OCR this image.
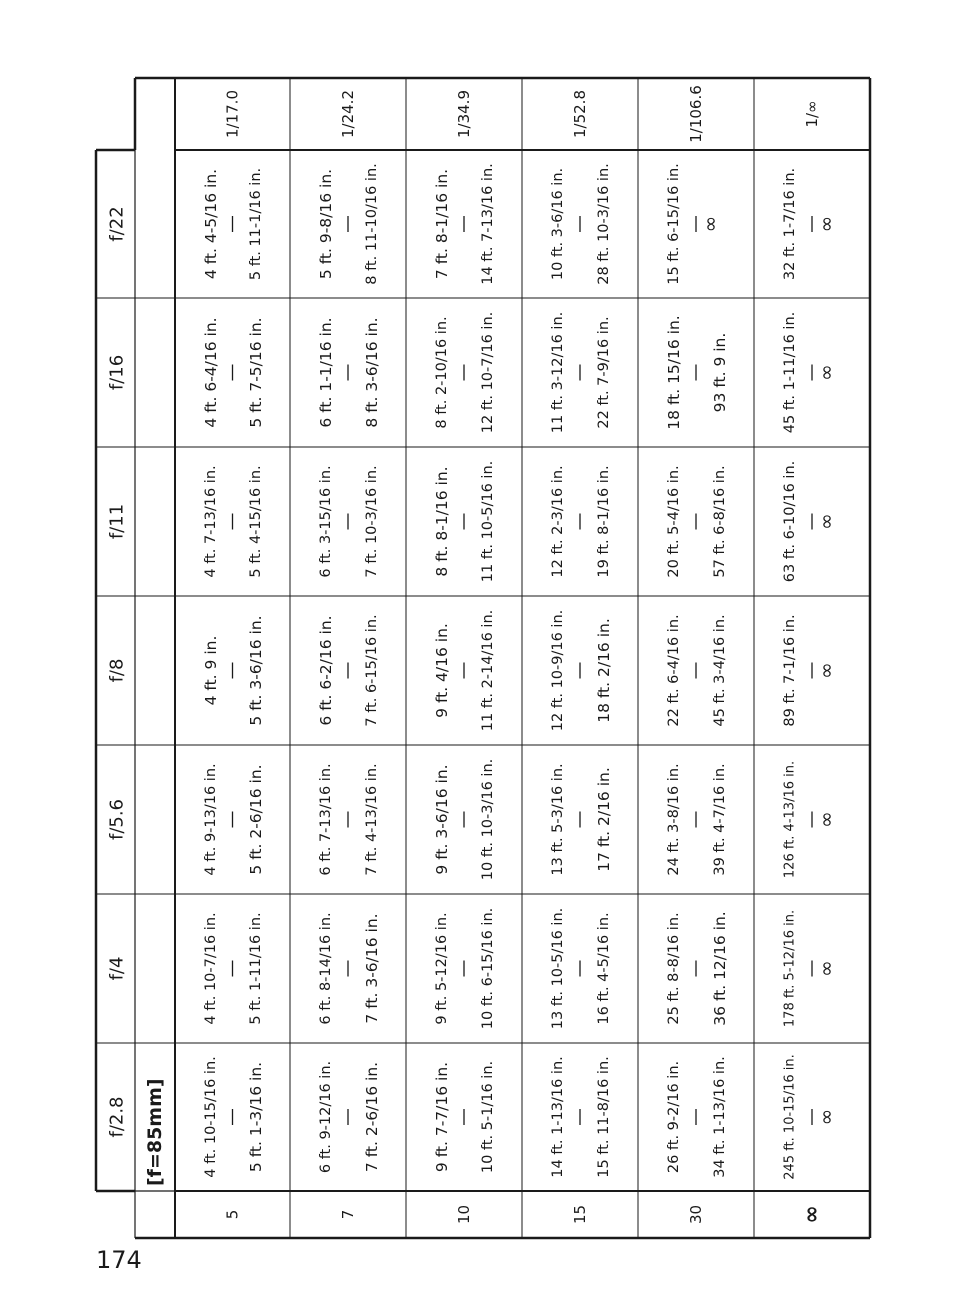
174
[f=85mm]
f/2.8
f/4
f/5.6
f/8
f/11
f/16
f/22
5
1/17.0
4 ft. 10-15/16 in. 5 ft. 1-3/16 in.
4 ft. 10-7/16 in. 5 ft. 1-11/16 in.
4 ft. 9-13/16 in. 5 ft. 2-6/16 in.
4 ft. 9 in. 5 ft. 3-6/16 in.
4 ft. 7-13/16 in. 5 ft. 4-15/16 in.
4 ft. 6-4/16 in. 5 ft. 7-5/16 in.
4 ft. 4-5/16 in. 5 ft. 11-1/16 in.
7
1/24.2
6 ft. 9-12/16 in. 7 ft. 2-6/16 in.
6 ft. 8-14/16 in. 7 ft. 3-6/16 in.
6 ft. 7-13/16 in. 7 ft. 4-13/16 in.
6 ft. 6-2/16 in. 7 ft. 6-15/16 in.
6 ft. 3-15/16 in. 7 ft. 10-3/16 in.
6 ft. 1-1/16 in. 8 ft. 3-6/16 in.
5 ft. 9-8/16 in. 8 ft. 11-10/16 in.
10
1/34.9
9 ft. 7-7/16 in. 10 ft. 5-1/16 in.
9 ft. 5-12/16 in. 10 ft. 6-15/16 in.
9 ft. 3-6/16 in. 10 ft. 10-3/16 in.
9 ft. 4/16 in. 11 ft. 2-14/16 in.
8 ft. 8-1/16 in. 11 ft. 10-5/16 in.
8 ft. 2-10/16 in. 12 ft. 10-7/16 in.
7 ft. 8-1/16 in. 14 ft. 7-13/16 in.
15
1/52.8
14 ft. 1-13/16 in. 15 ft. 11-8/16 in.
13 ft. 10-5/16 in. 16 ft. 4-5/16 in.
13 ft. 5-3/16 in. 17 ft. 2/16 in.
12 ft. 10-9/16 in. 18 ft. 2/16 in.
12 ft. 2-3/16 in. 19 ft. 8-1/16 in.
11 ft. 3-12/16 in. 22 ft. 7-9/16 in.
10 ft. 3-6/16 in. 28 ft. 10-3/16 in.
30
1/106.6
26 ft. 9-2/16 in. 34 ft. 1-13/16 in.
25 ft. 8-8/16 in. 36 ft. 12/16 in.
24 ft. 3-8/16 in. 39 ft. 4-7/16 in.
22 ft. 6-4/16 in. 45 ft. 3-4/16 in.
20 ft. 5-4/16 in. 57 ft. 6-8/16 in.
18 ft. 15/16 in. 93 ft. 9 in.
15 ft. 6-15/16 in. ∞
∞
1/∞
245 ft. 10-15/16 in. ∞
178 ft. 5-12/16 in. ∞
126 ft. 4-13/16 in. ∞
89 ft. 7-1/16 in. ∞
63 ft. 6-10/16 in. ∞
45 ft. 1-11/16 in. ∞
32 ft. 1-7/16 in. ∞
